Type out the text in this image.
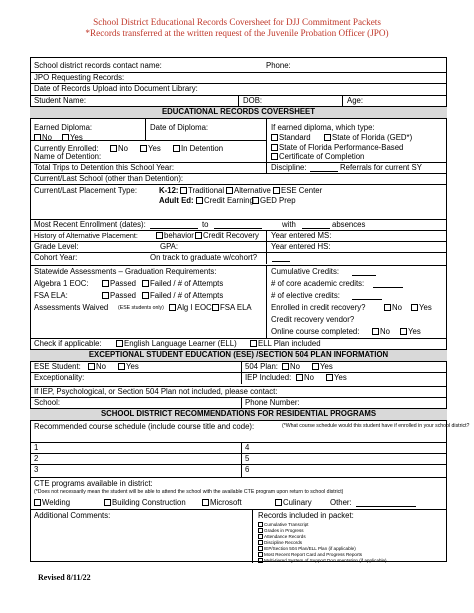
School District Educational Records Coversheet for DJJ Commitment Packets
*Records transferred at the written request of the Juvenile Probation Officer (JPO)
School district records contact name:	Phone:
JPO Requesting Records:
Date of Records Upload into Document Library:
Student Name:	DOB:	Age:
EDUCATIONAL RECORDS COVERSHEET
Earned Diploma:
No	Yes
Date of Diploma:	If earned diploma, which type:
Standard	State of Florida (GED*)
State of Florida Performance-Based
Currently Enrolled:	No	Yes	In Detention
Name of Detention:	Certificate of Completion
Total Trips to Detention this School Year:	Discipline:	Referrals for current SY
Current/Last School (other than Detention):
Current/Last Placement Type:	K-12:	Traditional	Alternative	ESE Center
Adult Ed:	Credit Earning GED Prep
Most Recent Enrollment (dates):	to	with	absences
History of Alternative Placement:	behavior	Credit Recovery Year entered MS:
Grade Level:	GPA:	Year entered HS:
Cohort Year:	On track to graduate w/cohort?
Statewide Assessments – Graduation Requirements:
Algebra 1 EOC:	Passed	Failed / # of Attempts
FSA ELA:	Passed	Failed / # of Attempts
Assessments Waived (ESE students only)	Alg I EOC	FSA ELA
Cumulative Credits:
# of core academic credits:
# of elective credits:
Enrolled in credit recovery?	No	Yes
Credit recovery vendor?
Online course completed:	No	Yes
Check if applicable:	English Language Learner (ELL)	ELL Plan included
EXCEPTIONAL STUDENT EDUCATION (ESE) /SECTION 504 PLAN INFORMATION
ESE Student:	No	Yes	504 Plan:	No	Yes
Exceptionality:	IEP Included:	No	Yes
If IEP, Psychological, or Section 504 Plan not included, please contact:
School:	Phone Number:
SCHOOL DISTRICT RECOMMENDATIONS FOR RESIDENTIAL PROGRAMS
Recommended course schedule (include course title and code):	(*What course schedule would this student have if enrolled in your school district?
1	4
2	5
3	6
CTE programs available in district:
(*Does not necessarily mean the student will be able to attend the school with the available CTE program upon return to school district)
Welding	Building Construction	Microsoft	Culinary Other:
Additional Comments:	Records included in packet:
Cumulative Transcript
Grades in Progress
Attendance Records
Discipline Records
IEP/Section 504 Plan/ELL Plan (if applicable)
Most Recent Report Card and Progress Reports
Multi-tiered System of Support Documentation (if applicable)
Revised 8/11/22
